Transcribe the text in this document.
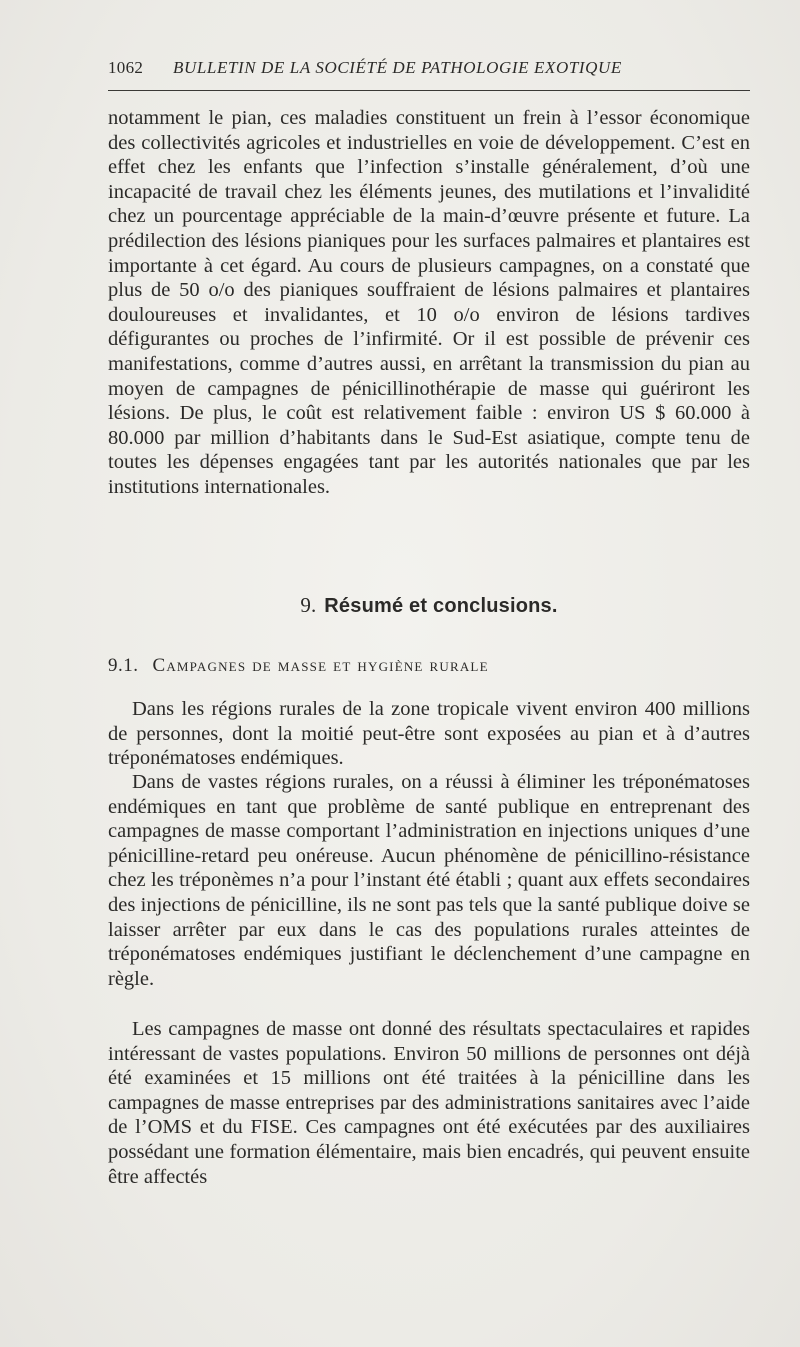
1062 BULLETIN DE LA SOCIÉTÉ DE PATHOLOGIE EXOTIQUE

notamment le pian, ces maladies constituent un frein à l’essor économique des collectivités agricoles et industrielles en voie de développement. C’est en effet chez les enfants que l’infection s’installe généralement, d’où une incapacité de travail chez les éléments jeunes, des mutilations et l’invalidité chez un pourcentage appréciable de la main-d’œuvre présente et future. La prédilection des lésions pianiques pour les surfaces palmaires et plantaires est importante à cet égard. Au cours de plusieurs campagnes, on a constaté que plus de 50 o/o des pianiques souffraient de lésions palmaires et plantaires douloureuses et invalidantes, et 10 o/o environ de lésions tardives défigurantes ou proches de l’infirmité. Or il est possible de prévenir ces manifestations, comme d’autres aussi, en arrêtant la transmission du pian au moyen de campagnes de pénicillinothérapie de masse qui guériront les lésions. De plus, le coût est relativement faible : environ US $ 60.000 à 80.000 par million d’habitants dans le Sud-Est asiatique, compte tenu de toutes les dépenses engagées tant par les autorités nationales que par les institutions internationales.

9. Résumé et conclusions.
9.1. Campagnes de masse et hygiène rurale

Dans les régions rurales de la zone tropicale vivent environ 400 millions de personnes, dont la moitié peut-être sont exposées au pian et à d’autres tréponématoses endémiques.

Dans de vastes régions rurales, on a réussi à éliminer les tréponématoses endémiques en tant que problème de santé publique en entreprenant des campagnes de masse comportant l’administration en injections uniques d’une pénicilline-retard peu onéreuse. Aucun phénomène de pénicillino-résistance chez les tréponèmes n’a pour l’instant été établi ; quant aux effets secondaires des injections de pénicilline, ils ne sont pas tels que la santé publique doive se laisser arrêter par eux dans le cas des populations rurales atteintes de tréponématoses endémiques justifiant le déclenchement d’une campagne en règle.

Les campagnes de masse ont donné des résultats spectaculaires et rapides intéressant de vastes populations. Environ 50 millions de personnes ont déjà été examinées et 15 millions ont été traitées à la pénicilline dans les campagnes de masse entreprises par des administrations sanitaires avec l’aide de l’OMS et du FISE. Ces campagnes ont été exécutées par des auxiliaires possédant une formation élémentaire, mais bien encadrés, qui peuvent ensuite être affectés
